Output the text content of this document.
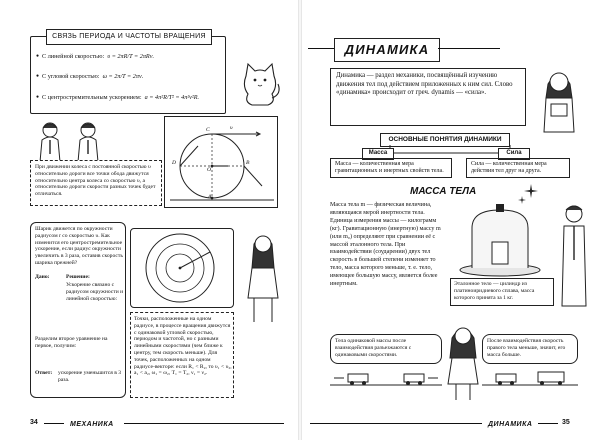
СВЯЗЬ ПЕРИОДА И ЧАСТОТЫ ВРАЩЕНИЯ
● С линейной скоростью: υ = 2πR/T = 2πRν.
● С угловой скоростью: ω = 2π/T = 2πν.
● С центростремительным ускорением: a = 4π²R/T² = 4π²ν²R.
При движении колеса с постоянной скоростью υ относительно дороги все точки обода движутся относительно центра колеса со скоростью υ, а относительно дороги скорости разных точек будет отличаться.
C
O
D
A
B
υ
Шарик движется по окружности радиусом r со скоростью υ. Как изменится его центростремительное ускорение, если радиус окружности увеличить в 3 раза, оставив скорость шарика прежней?
Дано:	Решение:
Ускорение связано с радиусом окружности и линейной скоростью:
Разделим второе уравнение на первое, получим:
Ответ: ускорение уменьшится в 3 раза.
Точки, расположенные на одном радиусе, в процессе вращения движутся с одинаковой угловой скоростью, периодом и частотой, но с разными линейными скоростями (чем ближе к центру, тем скорость меньше). Для точек, расположенных на одном радиусе-векторе: если R₁ < R₂, то υ₁ < υ₂, a₁ < a₂, ω₁ = ω₂, T₁ = T₂, ν₁ = ν₂.
34	МЕХАНИКА
ДИНАМИКА
Динамика — раздел механики, посвящённый изучению движения тел под действием приложенных к ним сил. Слово «динамика» происходит от греч. dynamis — «сила».
ОСНОВНЫЕ ПОНЯТИЯ ДИНАМИКИ
Масса	Сила
Масса — количественная мера гравитационных и инертных свойств тела.
Сила — количественная мера действия тел друг на друга.
МАССА ТЕЛА
Масса тела m — физическая величина, являющаяся мерой инертности тела. Единица измерения массы — килограмм (кг). Гравитационную (инертную) массу m (или m₀) определяют при сравнении её с массой эталонного тела. При взаимодействии (соударении) двух тел скорость в большей степени изменяет то тело, масса которого меньше, т. е. тело, имеющее большую массу, является более инертным.	Эталонное тело — цилиндр из платиноиридиевого сплава, масса которого принята за 1 кг.
Тела одинаковой массы после взаимодействия разъезжаются с одинаковыми скоростями.
После взаимодействия скорость правого тела меньше, значит, его масса больше.
ДИНАМИКА	35
